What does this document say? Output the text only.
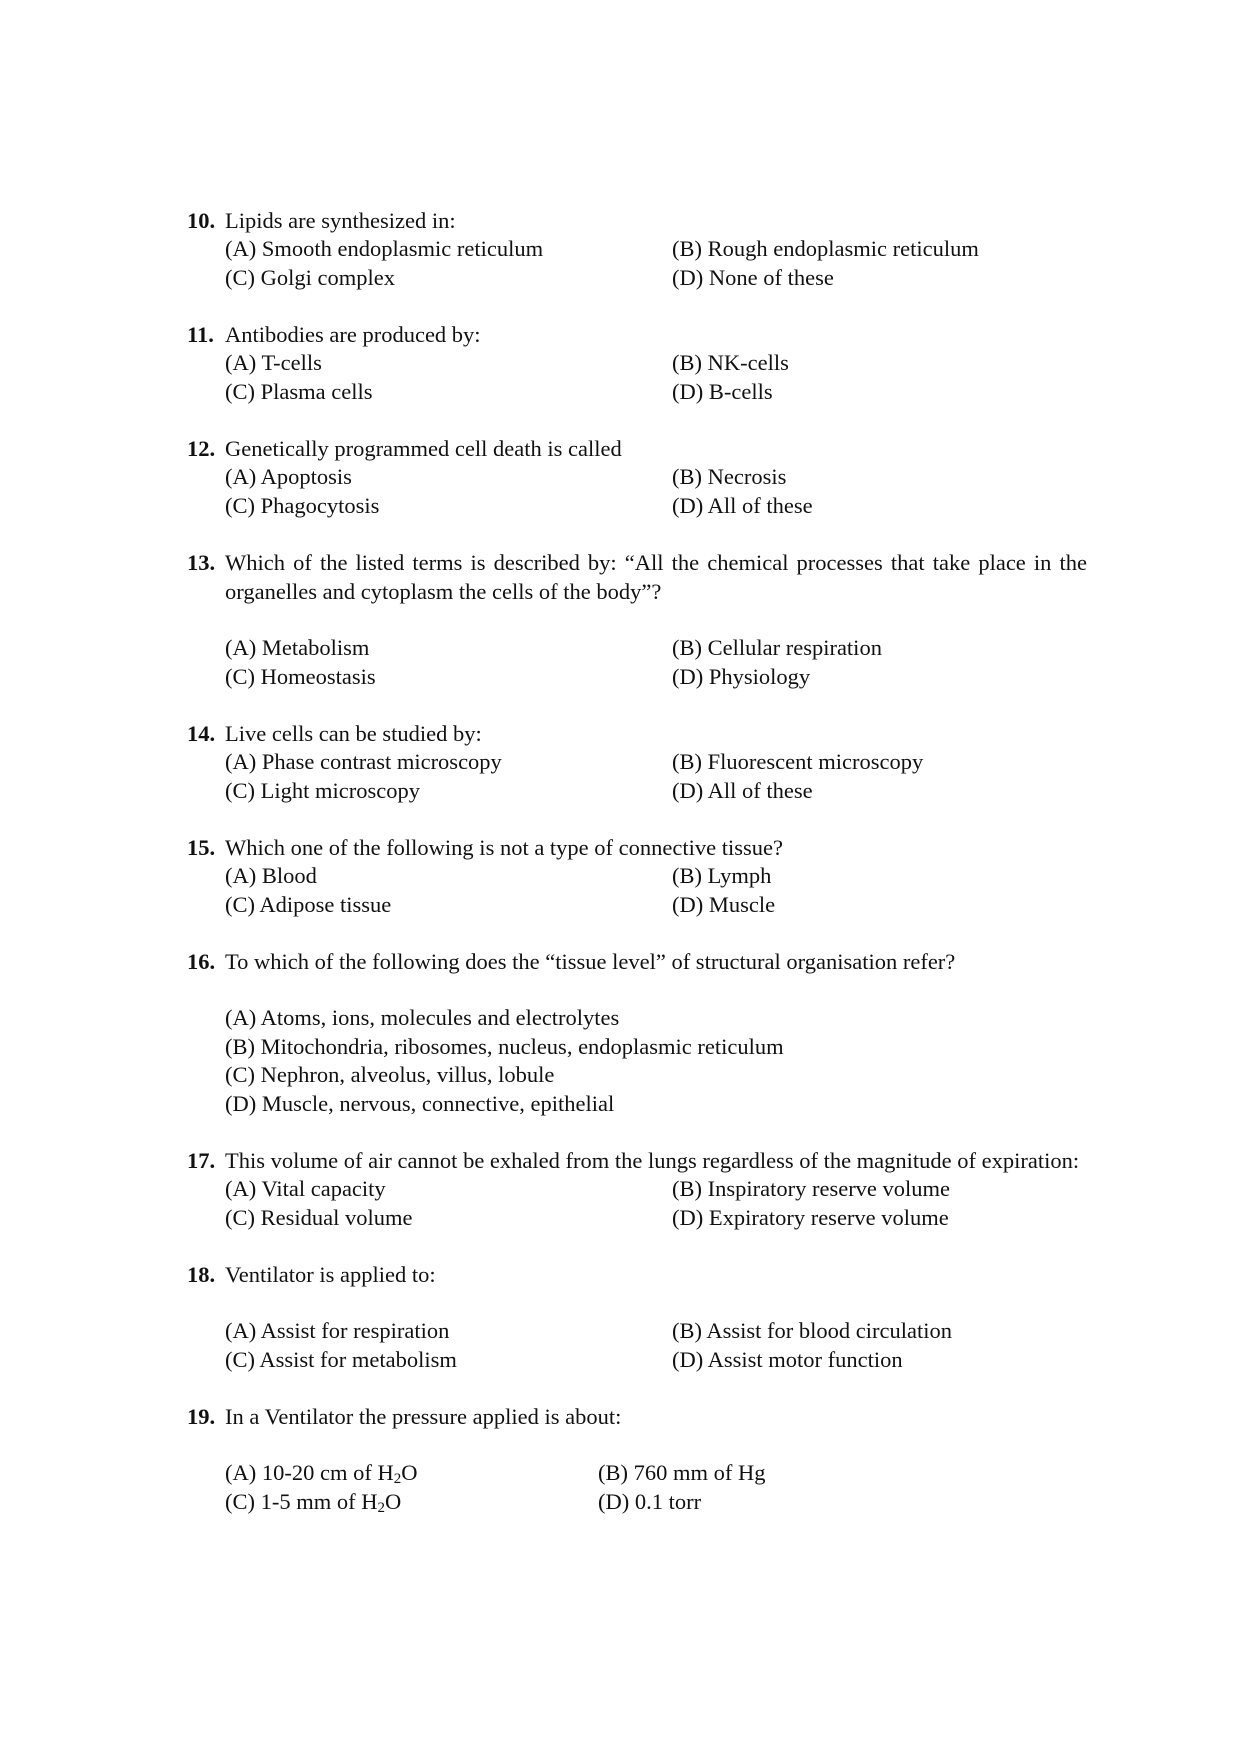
10. Lipids are synthesized in:
(A) Smooth endoplasmic reticulum	(B) Rough endoplasmic reticulum
(C) Golgi complex	(D) None of these
11. Antibodies are produced by:
(A) T-cells	(B) NK-cells
(C) Plasma cells	(D) B-cells
12. Genetically programmed cell death is called
(A) Apoptosis	(B) Necrosis
(C) Phagocytosis	(D) All of these
13. Which of the listed terms is described by: “All the chemical processes that take place in the organelles and cytoplasm the cells of the body”?
(A) Metabolism	(B) Cellular respiration
(C) Homeostasis	(D) Physiology
14. Live cells can be studied by:
(A) Phase contrast microscopy	(B) Fluorescent microscopy
(C) Light microscopy	(D) All of these
15. Which one of the following is not a type of connective tissue?
(A) Blood	(B) Lymph
(C) Adipose tissue	(D) Muscle
16. To which of the following does the “tissue level” of structural organisation refer?
(A) Atoms, ions, molecules and electrolytes
(B) Mitochondria, ribosomes, nucleus, endoplasmic reticulum
(C) Nephron, alveolus, villus, lobule
(D) Muscle, nervous, connective, epithelial
17. This volume of air cannot be exhaled from the lungs regardless of the magnitude of expiration:
(A) Vital capacity	(B) Inspiratory reserve volume
(C) Residual volume	(D) Expiratory reserve volume
18. Ventilator is applied to:
(A) Assist for respiration	(B) Assist for blood circulation
(C) Assist for metabolism	(D) Assist motor function
19. In a Ventilator the pressure applied is about:
(A) 10-20 cm of $H_2O$	(B) 760 mm of Hg
(C) 1-5 mm of $H_2O$	(D) 0.1 torr
